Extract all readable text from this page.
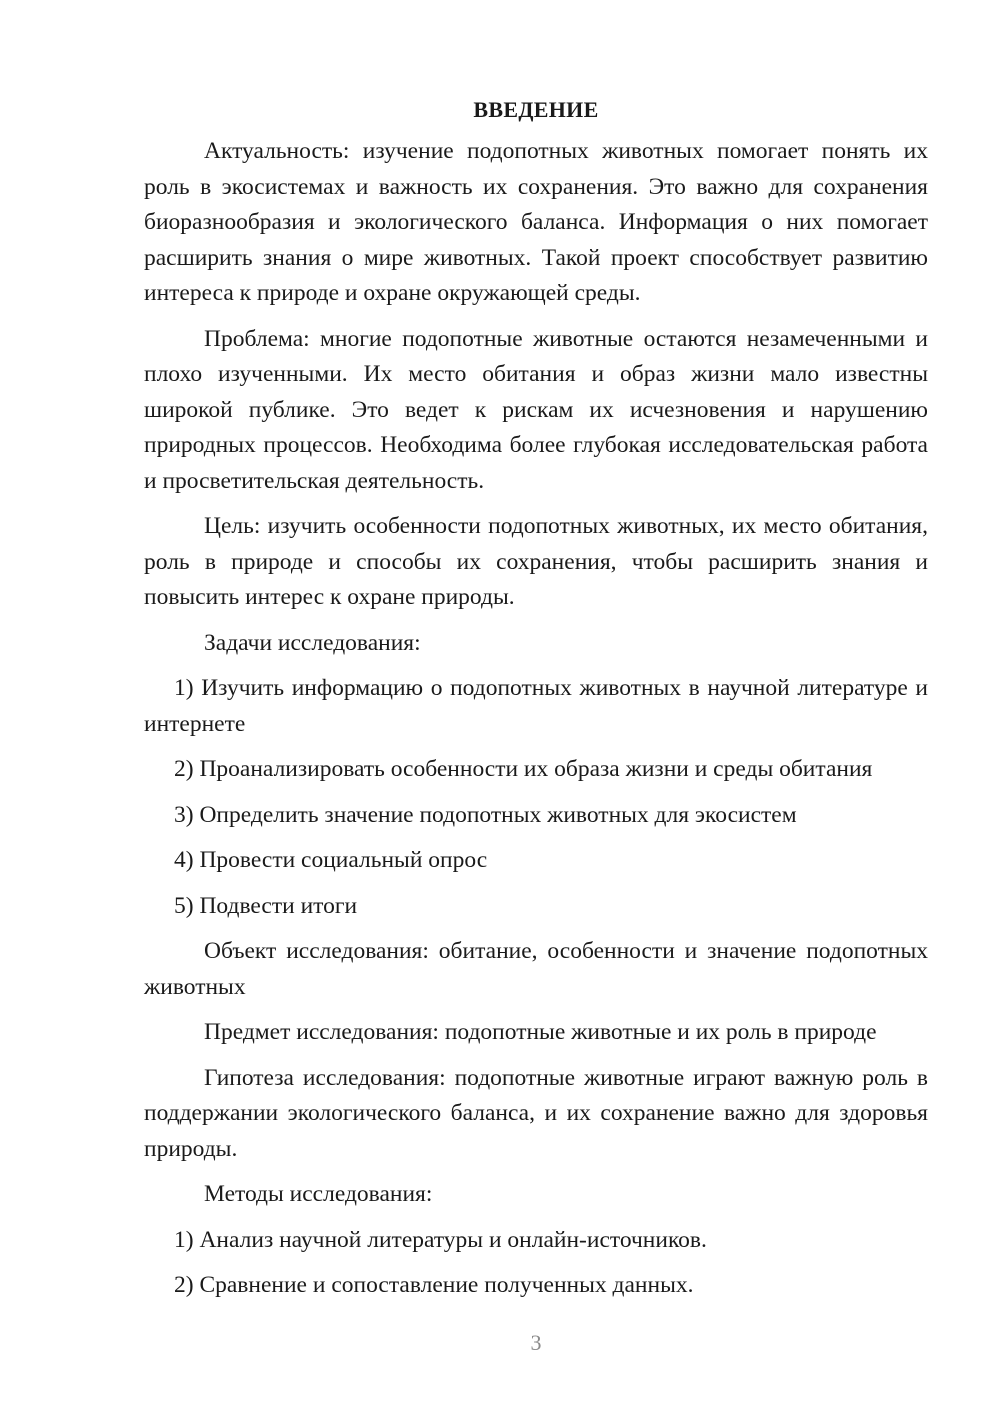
ВВЕДЕНИЕ

Актуальность: изучение подопотных животных помогает понять их роль в экосистемах и важность их сохранения. Это важно для сохранения биоразнообразия и экологического баланса. Информация о них помогает расширить знания о мире животных. Такой проект способствует развитию интереса к природе и охране окружающей среды.

Проблема: многие подопотные животные остаются незамеченными и плохо изученными. Их место обитания и образ жизни мало известны широкой публике. Это ведет к рискам их исчезновения и нарушению природных процессов. Необходима более глубокая исследовательская работа и просветительская деятельность.

Цель: изучить особенности подопотных животных, их место обитания, роль в природе и способы их сохранения, чтобы расширить знания и повысить интерес к охране природы.

Задачи исследования:

1) Изучить информацию о подопотных животных в научной литературе и интернете

2) Проанализировать особенности их образа жизни и среды обитания

3) Определить значение подопотных животных для экосистем

4) Провести социальный опрос

5) Подвести итоги

Объект исследования: обитание, особенности и значение подопотных животных

Предмет исследования: подопотные животные и их роль в природе

Гипотеза исследования: подопотные животные играют важную роль в поддержании экологического баланса, и их сохранение важно для здоровья природы.

Методы исследования:

1) Анализ научной литературы и онлайн-источников.

2) Сравнение и сопоставление полученных данных.

3
